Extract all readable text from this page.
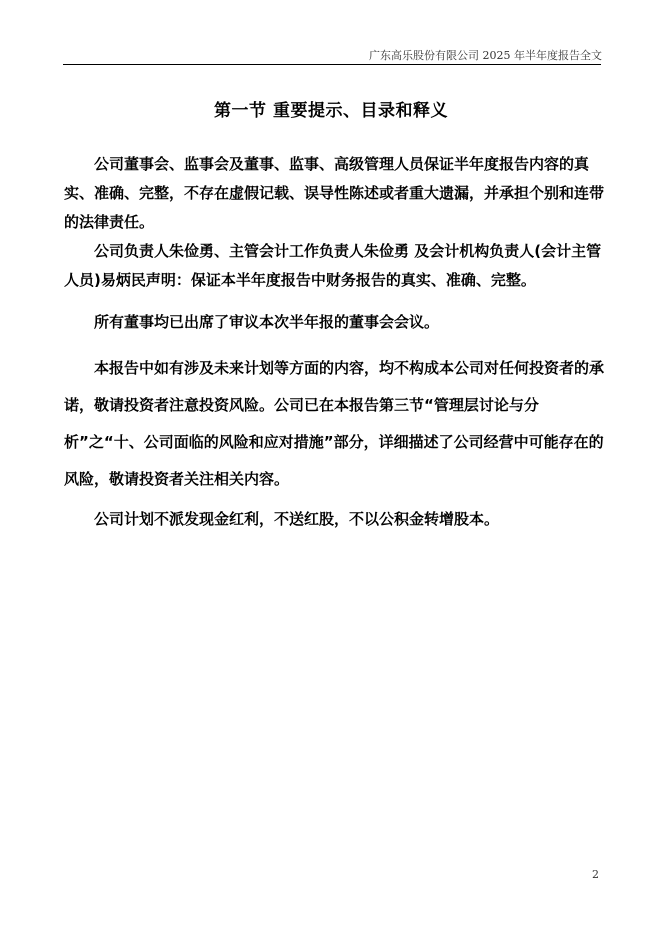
广东高乐股份有限公司 2025 年半年度报告全文
第一节 重要提示、目录和释义

公司董事会、监事会及董事、监事、高级管理人员保证半年度报告内容的真实、准确、完整，不存在虚假记载、误导性陈述或者重大遗漏，并承担个别和连带的法律责任。

公司负责人朱俭勇、主管会计工作负责人朱俭勇 及会计机构负责人(会计主管人员)易炳民声明：保证本半年度报告中财务报告的真实、准确、完整。

所有董事均已出席了审议本次半年报的董事会会议。

本报告中如有涉及未来计划等方面的内容，均不构成本公司对任何投资者的承诺，敬请投资者注意投资风险。公司已在本报告第三节“管理层讨论与分析”之“十、公司面临的风险和应对措施”部分，详细描述了公司经营中可能存在的风险，敬请投资者关注相关内容。

公司计划不派发现金红利，不送红股，不以公积金转增股本。

2
